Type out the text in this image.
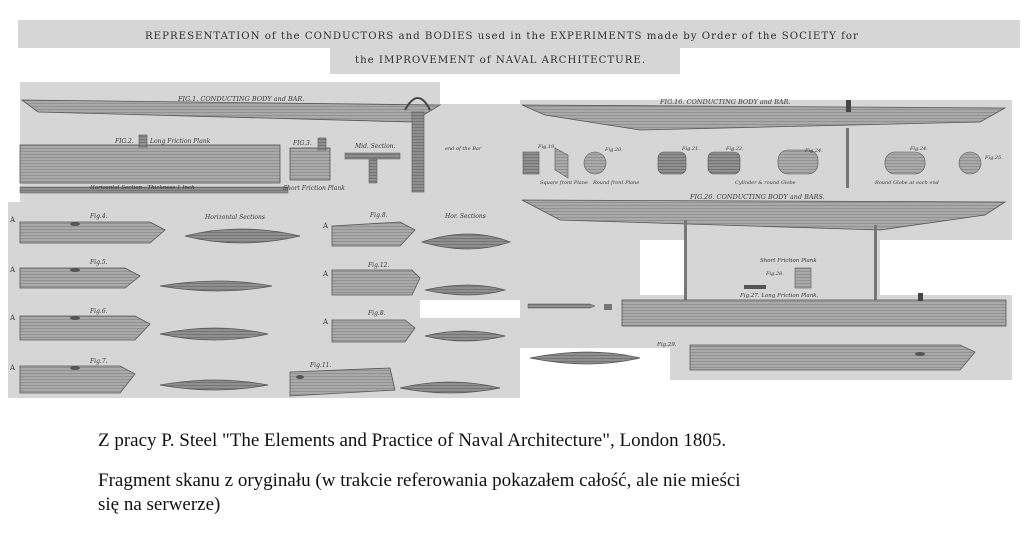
REPRESENTATION of the CONDUCTORS and BODIES used in the EXPERIMENTS made by Order of the SOCIETY for
the IMPROVEMENT of NAVAL ARCHITECTURE.
FIG.1. CONDUCTING BODY and BAR.
FIG.2.	Long Friction Plank	FIG.3.	Mid. Section.	end of the Bar
Horizontal Section . Thickness 1 Inch	Short Friction Plank
Horizontal Sections
Fig.4.
Fig.5.
Fig.6.
Fig.7.
Fig.8.	Hor. Sections
Fig.12.
Fig.8.
Fig.11.
A
A
A
A
A
A
A
FIG.16. CONDUCTING BODY and BAR.
Fig.19.	Fig.20.	Fig.21.	Fig.22.	Fig.24.	Fig.24.
Fig.25.
Square front Plane Round front Plane	Cylinder & round Globe	Round Globe at each end
FIG.26. CONDUCTING BODY and BARS.
Short Friction Plank
Fig.28.
Fig.27. Long Friction Plank.
Fig.29.
Z pracy P. Steel "The Elements and Practice of Naval Architecture", London 1805.
Fragment skanu z oryginału (w trakcie referowania pokazałem całość, ale nie mieści
się na serwerze)
